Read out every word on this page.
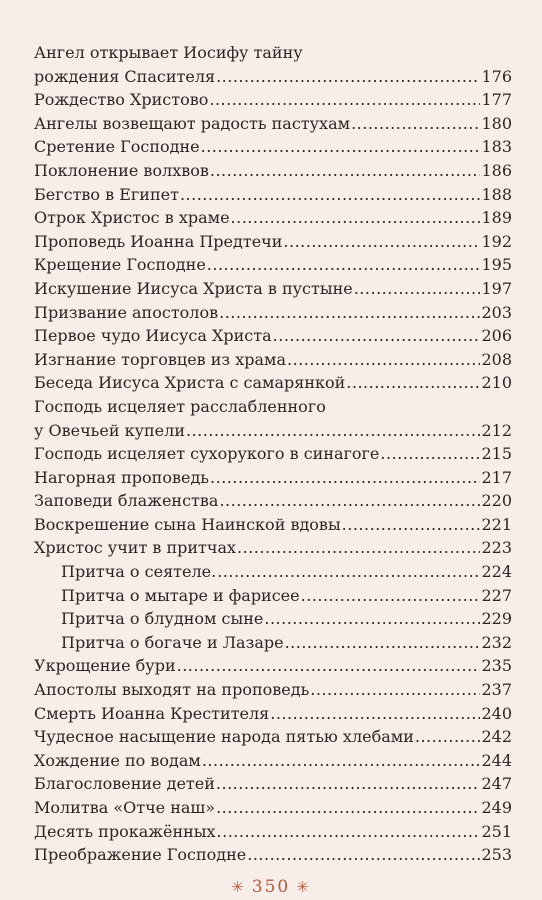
Ангел открывает Иосифу тайну
рождения Спасителя .....	176
Рождество Христово .....	177
Ангелы возвещают радость пастухам .....	180
Сретение Господне .....	183
Поклонение волхвов .....	186
Бегство в Египет .....	188
Отрок Христос в храме .....	189
Проповедь Иоанна Предтечи .....	192
Крещение Господне .....	195
Искушение Иисуса Христа в пустыне .....	197
Призвание апостолов .....	203
Первое чудо Иисуса Христа .....	206
Изгнание торговцев из храма .....	208
Беседа Иисуса Христа с самарянкой .....	210
Господь исцеляет расслабленного
у Овечьей купели .....	212
Господь исцеляет сухорукого в синагоге .....	215
Нагорная проповедь .....	217
Заповеди блаженства .....	220
Воскрешение сына Наинской вдовы .....	221
Христос учит в притчах .....	223
Притча о сеятеле. .....	224
Притча о мытаре и фарисее .....	227
Притча о блудном сыне .....	229
Притча о богаче и Лазаре .....	232
Укрощение бури .....	235
Апостолы выходят на проповедь .....	237
Смерть Иоанна Крестителя .....	240
Чудесное насыщение народа пятью хлебами .....	242
Хождение по водам .....	244
Благословение детей .....	247
Молитва «Отче наш» .....	249
Десять прокажённых .....	251
Преображение Господне .....	253
✳ 350 ✳
